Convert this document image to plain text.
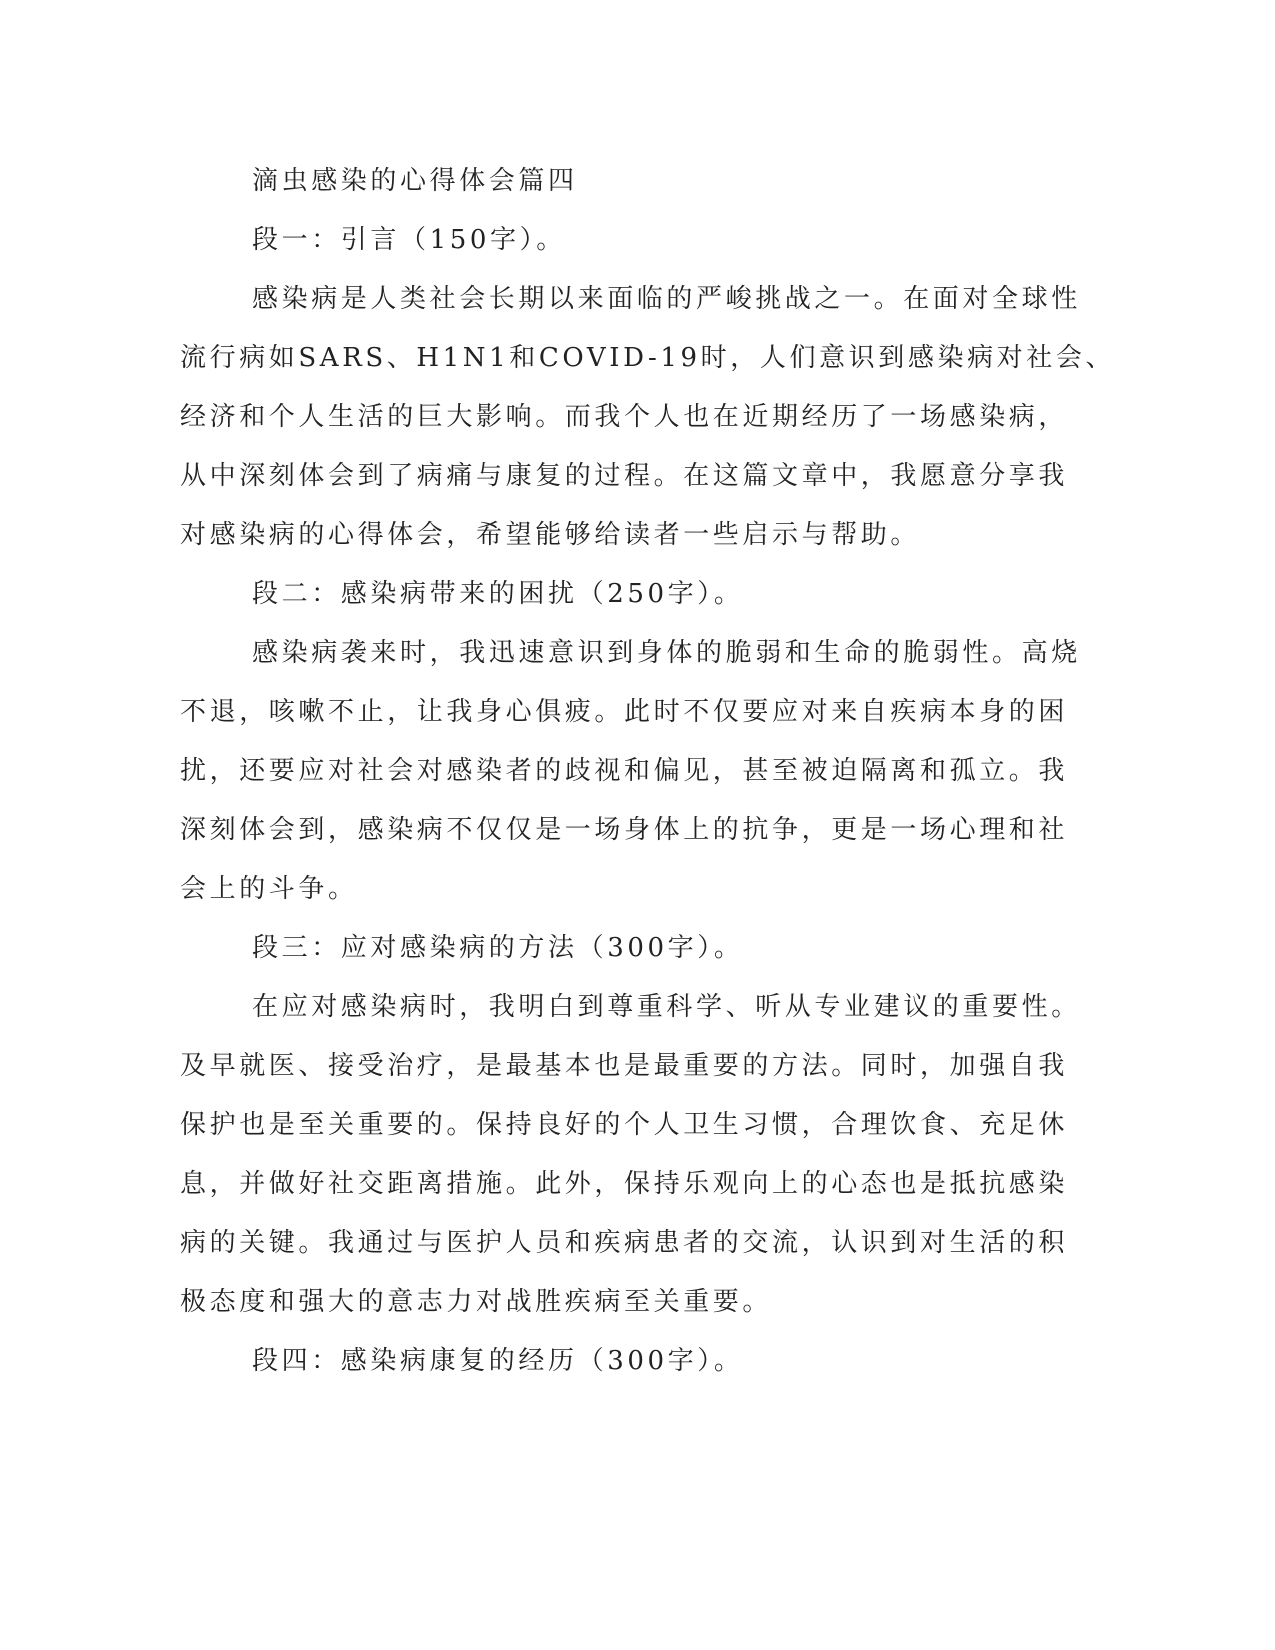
滴虫感染的心得体会篇四
段一：引言（150字）。
感染病是人类社会长期以来面临的严峻挑战之一。在面对全球性
流行病如SARS、H1N1和COVID-19时，人们意识到感染病对社会、
经济和个人生活的巨大影响。而我个人也在近期经历了一场感染病，
从中深刻体会到了病痛与康复的过程。在这篇文章中，我愿意分享我
对感染病的心得体会，希望能够给读者一些启示与帮助。
段二：感染病带来的困扰（250字）。
感染病袭来时，我迅速意识到身体的脆弱和生命的脆弱性。高烧
不退，咳嗽不止，让我身心俱疲。此时不仅要应对来自疾病本身的困
扰，还要应对社会对感染者的歧视和偏见，甚至被迫隔离和孤立。我
深刻体会到，感染病不仅仅是一场身体上的抗争，更是一场心理和社
会上的斗争。
段三：应对感染病的方法（300字）。
在应对感染病时，我明白到尊重科学、听从专业建议的重要性。
及早就医、接受治疗，是最基本也是最重要的方法。同时，加强自我
保护也是至关重要的。保持良好的个人卫生习惯，合理饮食、充足休
息，并做好社交距离措施。此外，保持乐观向上的心态也是抵抗感染
病的关键。我通过与医护人员和疾病患者的交流，认识到对生活的积
极态度和强大的意志力对战胜疾病至关重要。
段四：感染病康复的经历（300字）。
